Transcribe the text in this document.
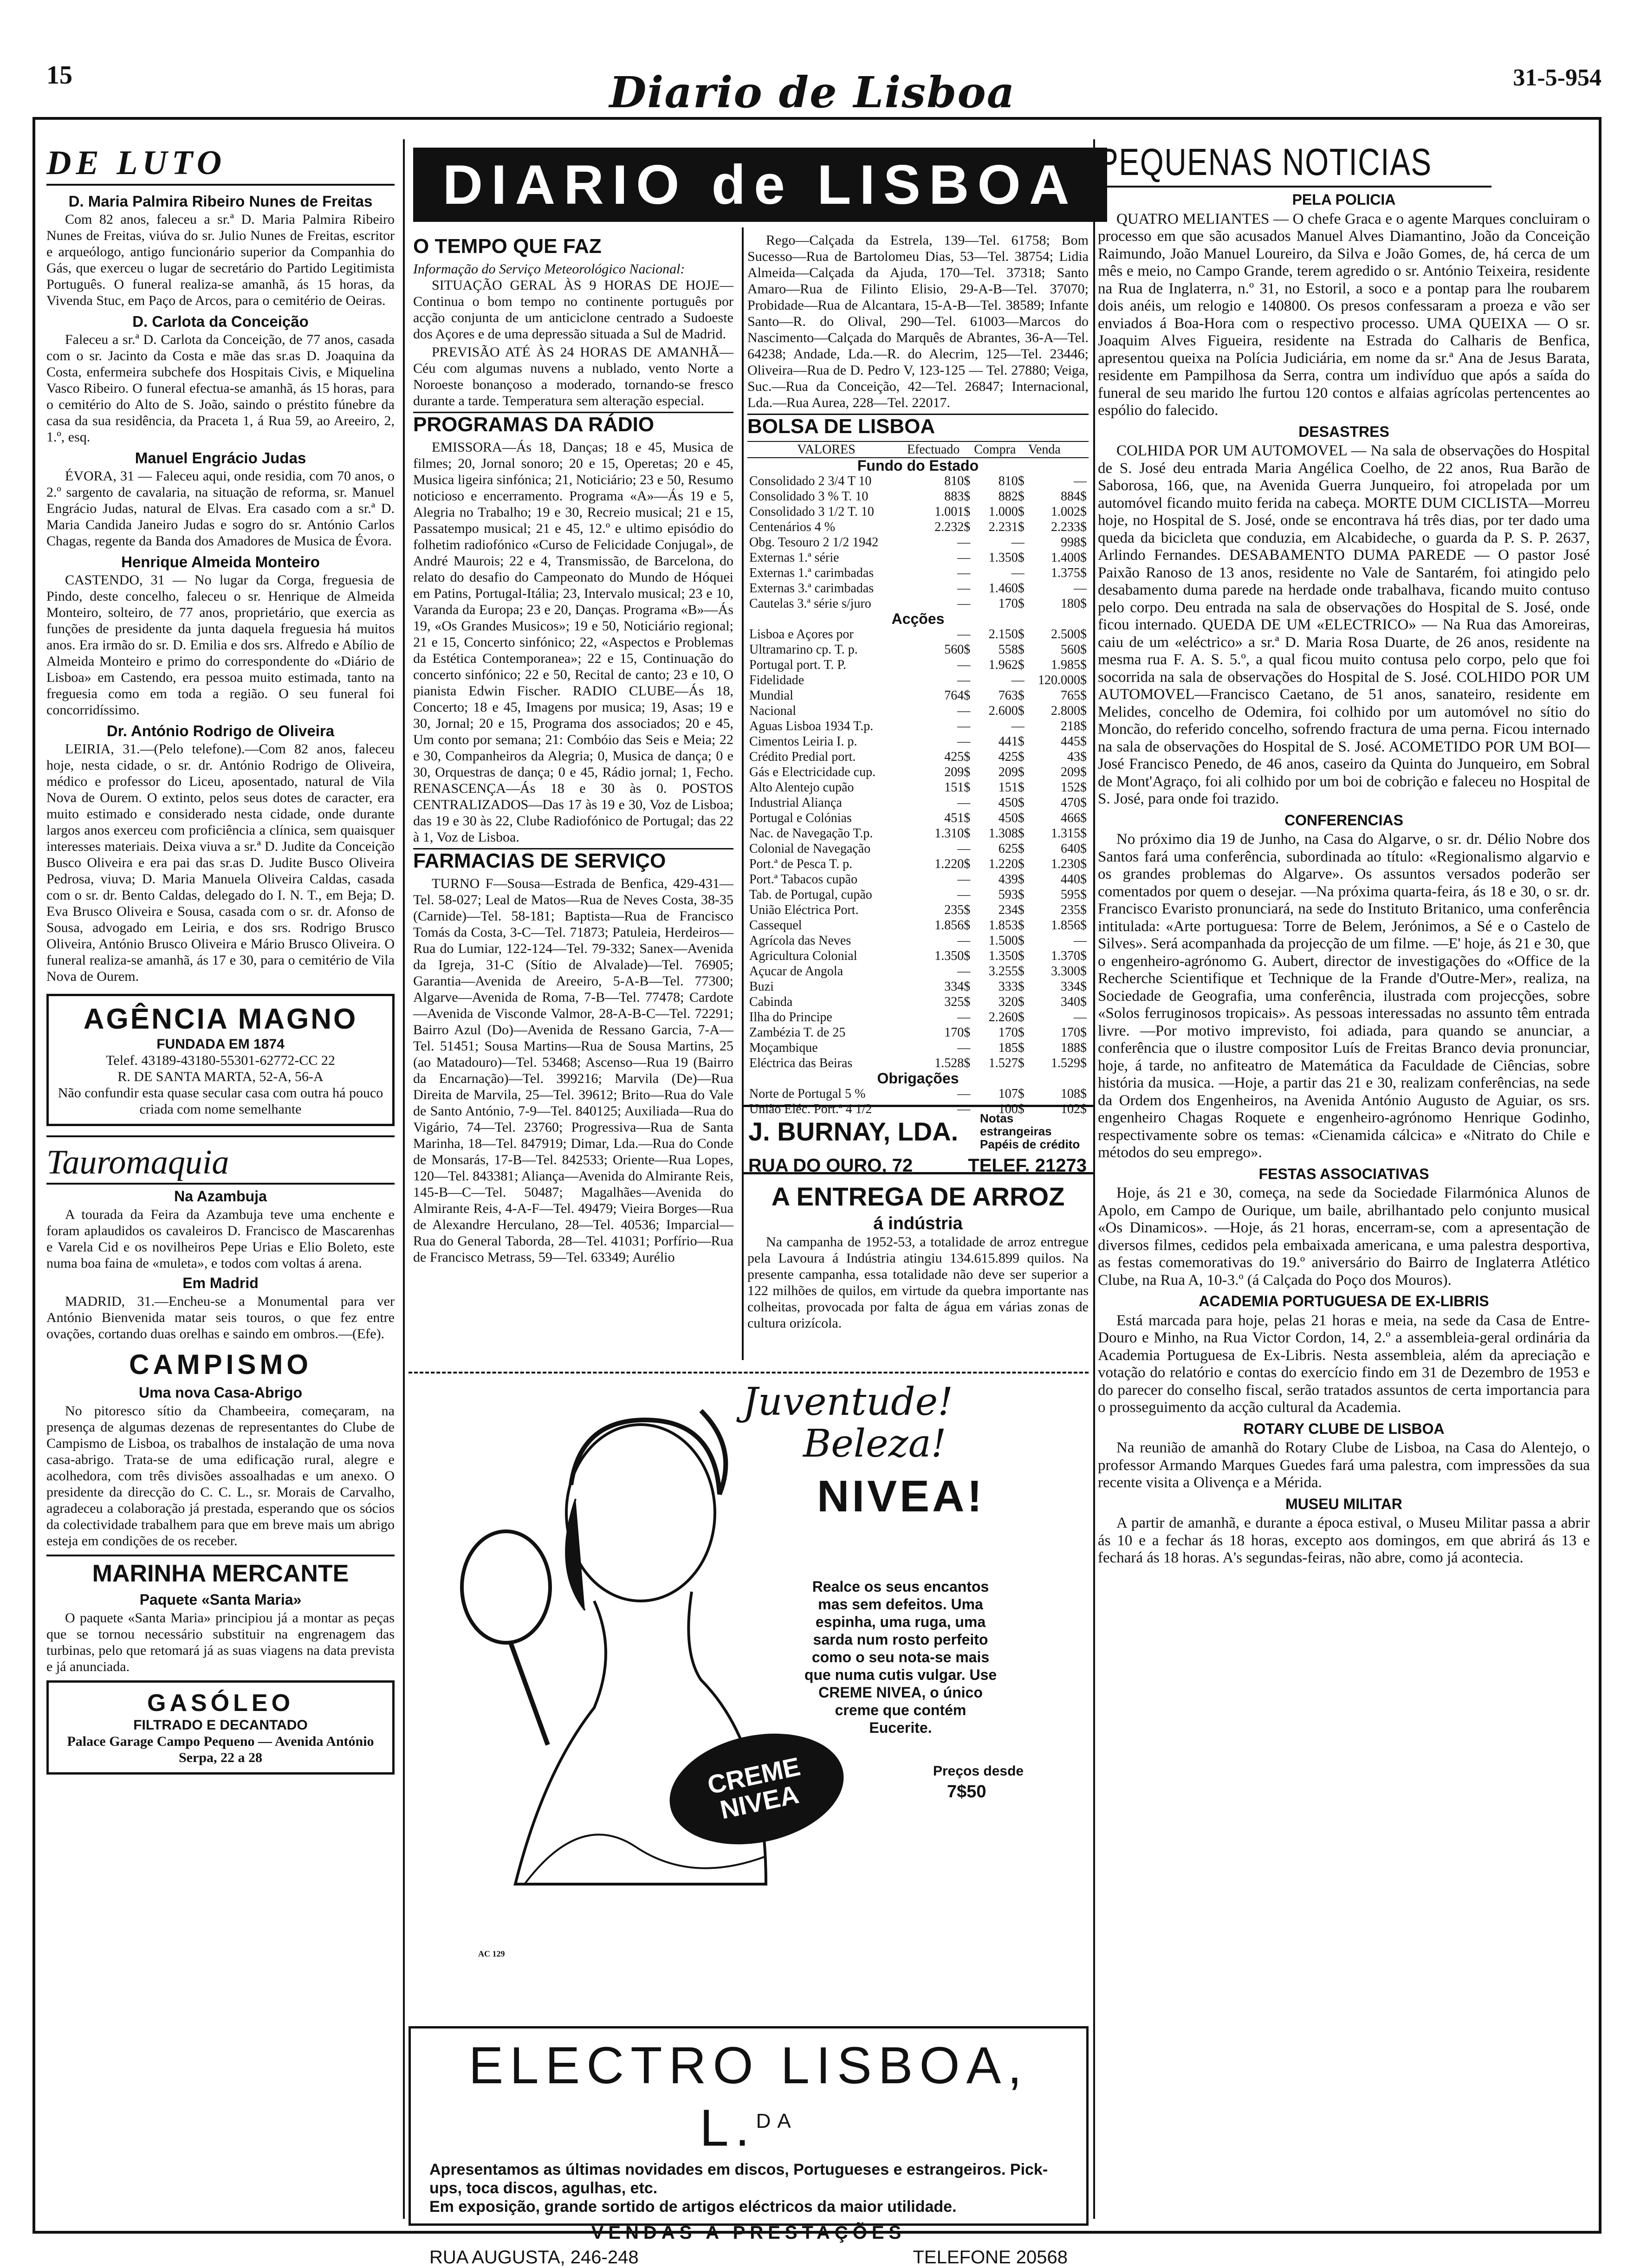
15	Diario de Lisboa	31-5-954
DE LUTO
D. Maria Palmira Ribeiro Nunes de Freitas

Com 82 anos, faleceu a sr.ª D. Maria Palmira Ribeiro Nunes de Freitas, viúva do sr. Julio Nunes de Freitas, escritor e arqueólogo, antigo funcionário superior da Companhia do Gás, que exerceu o lugar de secretário do Partido Legitimista Português. O funeral realiza-se amanhã, ás 15 horas, da Vivenda Stuc, em Paço de Arcos, para o cemitério de Oeiras.

D. Carlota da Conceição

Faleceu a sr.ª D. Carlota da Conceição, de 77 anos, casada com o sr. Jacinto da Costa e mãe das sr.as D. Joaquina da Costa, enfermeira subchefe dos Hospitais Civis, e Miquelina Vasco Ribeiro. O funeral efectua-se amanhã, ás 15 horas, para o cemitério do Alto de S. João, saindo o préstito fúnebre da casa da sua residência, da Praceta 1, á Rua 59, ao Areeiro, 2, 1.º, esq.

Manuel Engrácio Judas

ÉVORA, 31 — Faleceu aqui, onde residia, com 70 anos, o 2.º sargento de cavalaria, na situação de reforma, sr. Manuel Engrácio Judas, natural de Elvas. Era casado com a sr.ª D. Maria Candida Janeiro Judas e sogro do sr. António Carlos Chagas, regente da Banda dos Amadores de Musica de Évora.

Henrique Almeida Monteiro

CASTENDO, 31 — No lugar da Corga, freguesia de Pindo, deste concelho, faleceu o sr. Henrique de Almeida Monteiro, solteiro, de 77 anos, proprietário, que exercia as funções de presidente da junta daquela freguesia há muitos anos. Era irmão do sr. D. Emilia e dos srs. Alfredo e Abílio de Almeida Monteiro e primo do correspondente do «Diário de Lisboa» em Castendo, era pessoa muito estimada, tanto na freguesia como em toda a região. O seu funeral foi concorridíssimo.

Dr. António Rodrigo de Oliveira

LEIRIA, 31.—(Pelo telefone).—Com 82 anos, faleceu hoje, nesta cidade, o sr. dr. António Rodrigo de Oliveira, médico e professor do Liceu, aposentado, natural de Vila Nova de Ourem. O extinto, pelos seus dotes de caracter, era muito estimado e considerado nesta cidade, onde durante largos anos exerceu com proficiência a clínica, sem quaisquer interesses materiais. Deixa viuva a sr.ª D. Judite da Conceição Busco Oliveira e era pai das sr.as D. Judite Busco Oliveira Pedrosa, viuva; D. Maria Manuela Oliveira Caldas, casada com o sr. dr. Bento Caldas, delegado do I. N. T., em Beja; D. Eva Brusco Oliveira e Sousa, casada com o sr. dr. Afonso de Sousa, advogado em Leiria, e dos srs. Rodrigo Brusco Oliveira, António Brusco Oliveira e Mário Brusco Oliveira. O funeral realiza-se amanhã, ás 17 e 30, para o cemitério de Vila Nova de Ourem.

AGÊNCIA MAGNO
FUNDADA EM 1874
Telef. 43189-43180-55301-62772-CC 22
R. DE SANTA MARTA, 52-A, 56-A
Não confundir esta quase secular casa com outra há pouco criada com nome semelhante
Tauromaquia
Na Azambuja

A tourada da Feira da Azambuja teve uma enchente e foram aplaudidos os cavaleiros D. Francisco de Mascarenhas e Varela Cid e os novilheiros Pepe Urias e Elio Boleto, este numa boa faina de «muleta», e todos com voltas á arena.

Em Madrid

MADRID, 31.—Encheu-se a Monumental para ver António Bienvenida matar seis touros, o que fez entre ovações, cortando duas orelhas e saindo em ombros.—(Efe).

CAMPISMO
Uma nova Casa-Abrigo

No pitoresco sítio da Chambeeira, começaram, na presença de algumas dezenas de representantes do Clube de Campismo de Lisboa, os trabalhos de instalação de uma nova casa-abrigo. Trata-se de uma edificação rural, alegre e acolhedora, com três divisões assoalhadas e um anexo. O presidente da direcção do C. C. L., sr. Morais de Carvalho, agradeceu a colaboração já prestada, esperando que os sócios da colectividade trabalhem para que em breve mais um abrigo esteja em condições de os receber.

MARINHA MERCANTE
Paquete «Santa Maria»

O paquete «Santa Maria» principiou já a montar as peças que se tornou necessário substituir na engrenagem das turbinas, pelo que retomará já as suas viagens na data prevista e já anunciada.

GASÓLEO
FILTRADO E DECANTADO
Palace Garage Campo Pequeno — Avenida António Serpa, 22 a 28
DIARIO de LISBOA
O TEMPO QUE FAZ
Informação do Serviço Meteorológico Nacional:

SITUAÇÃO GERAL ÀS 9 HORAS DE HOJE—Continua o bom tempo no continente português por acção conjunta de um anticiclone centrado a Sudoeste dos Açores e de uma depressão situada a Sul de Madrid.

PREVISÃO ATÉ ÀS 24 HORAS DE AMANHÃ—Céu com algumas nuvens a nublado, vento Norte a Noroeste bonançoso a moderado, tornando-se fresco durante a tarde. Temperatura sem alteração especial.

PROGRAMAS DA RÁDIO

EMISSORA—Ás 18, Danças; 18 e 45, Musica de filmes; 20, Jornal sonoro; 20 e 15, Operetas; 20 e 45, Musica ligeira sinfónica; 21, Noticiário; 23 e 50, Resumo noticioso e encerramento. Programa «A»—Ás 19 e 5, Alegria no Trabalho; 19 e 30, Recreio musical; 21 e 15, Passatempo musical; 21 e 45, 12.º e ultimo episódio do folhetim radiofónico «Curso de Felicidade Conjugal», de André Maurois; 22 e 4, Transmissão, de Barcelona, do relato do desafio do Campeonato do Mundo de Hóquei em Patins, Portugal-Itália; 23, Intervalo musical; 23 e 10, Varanda da Europa; 23 e 20, Danças. Programa «B»—Ás 19, «Os Grandes Musicos»; 19 e 50, Noticiário regional; 21 e 15, Concerto sinfónico; 22, «Aspectos e Problemas da Estética Contemporanea»; 22 e 15, Continuação do concerto sinfónico; 22 e 50, Recital de canto; 23 e 10, O pianista Edwin Fischer. RADIO CLUBE—Ás 18, Concerto; 18 e 45, Imagens por musica; 19, Asas; 19 e 30, Jornal; 20 e 15, Programa dos associados; 20 e 45, Um conto por semana; 21: Combóio das Seis e Meia; 22 e 30, Companheiros da Alegria; 0, Musica de dança; 0 e 30, Orquestras de dança; 0 e 45, Rádio jornal; 1, Fecho. RENASCENÇA—Ás 18 e 30 às 0. POSTOS CENTRALIZADOS—Das 17 às 19 e 30, Voz de Lisboa; das 19 e 30 às 22, Clube Radiofónico de Portugal; das 22 à 1, Voz de Lisboa.

FARMACIAS DE SERVIÇO

TURNO F—Sousa—Estrada de Benfica, 429-431—Tel. 58-027; Leal de Matos—Rua de Neves Costa, 38-35 (Carnide)—Tel. 58-181; Baptista—Rua de Francisco Tomás da Costa, 3-C—Tel. 71873; Patuleia, Herdeiros—Rua do Lumiar, 122-124—Tel. 79-332; Sanex—Avenida da Igreja, 31-C (Sítio de Alvalade)—Tel. 76905; Garantia—Avenida de Areeiro, 5-A-B—Tel. 77300; Algarve—Avenida de Roma, 7-B—Tel. 77478; Cardote—Avenida de Visconde Valmor, 28-A-B-C—Tel. 72291; Bairro Azul (Do)—Avenida de Ressano Garcia, 7-A—Tel. 51451; Sousa Martins—Rua de Sousa Martins, 25 (ao Matadouro)—Tel. 53468; Ascenso—Rua 19 (Bairro da Encarnação)—Tel. 399216; Marvila (De)—Rua Direita de Marvila, 25—Tel. 39612; Brito—Rua do Vale de Santo António, 7-9—Tel. 840125; Auxiliada—Rua do Vigário, 74—Tel. 23760; Progressiva—Rua de Santa Marinha, 18—Tel. 847919; Dimar, Lda.—Rua do Conde de Monsarás, 17-B—Tel. 842533; Oriente—Rua Lopes, 120—Tel. 843381; Aliança—Avenida do Almirante Reis, 145-B—C—Tel. 50487; Magalhães—Avenida do Almirante Reis, 4-A-F—Tel. 49479; Vieira Borges—Rua de Alexandre Herculano, 28—Tel. 40536; Imparcial—Rua do General Taborda, 28—Tel. 41031; Porfírio—Rua de Francisco Metrass, 59—Tel. 63349; Aurélio

Rego—Calçada da Estrela, 139—Tel. 61758; Bom Sucesso—Rua de Bartolomeu Dias, 53—Tel. 38754; Lidia Almeida—Calçada da Ajuda, 170—Tel. 37318; Santo Amaro—Rua de Filinto Elisio, 29-A-B—Tel. 37070; Probidade—Rua de Alcantara, 15-A-B—Tel. 38589; Infante Santo—R. do Olival, 290—Tel. 61003—Marcos do Nascimento—Calçada do Marquês de Abrantes, 36-A—Tel. 64238; Andade, Lda.—R. do Alecrim, 125—Tel. 23446; Oliveira—Rua de D. Pedro V, 123-125 — Tel. 27880; Veiga, Suc.—Rua da Conceição, 42—Tel. 26847; Internacional, Lda.—Rua Aurea, 228—Tel. 22017.

BOLSA DE LISBOA
VALORES	Efectuado	Compra	Venda
Fundo do Estado			
Consolidado 2 3/4 T 10	810$	810$	—
Consolidado 3 % T. 10	883$	882$	884$
Consolidado 3 1/2 T. 10	1.001$	1.000$	1.002$
Centenários 4 %	2.232$	2.231$	2.233$
Obg. Tesouro 2 1/2 1942	—	—	998$
Externas 1.ª série	—	1.350$	1.400$
Externas 1.ª carimbadas	—	—	1.375$
Externas 3.ª carimbadas	—	1.460$	—
Cautelas 3.ª série s/juro	—	170$	180$
Acções			
Lisboa e Açores por	—	2.150$	2.500$
Ultramarino cp. T. p.	560$	558$	560$
Portugal port. T. P.	—	1.962$	1.985$
Fidelidade	—	—	120.000$
Mundial	764$	763$	765$
Nacional	—	2.600$	2.800$
Aguas Lisboa 1934 T.p.	—	—	218$
Cimentos Leiria I. p.	—	441$	445$
Crédito Predial port.	425$	425$	43$
Gás e Electricidade cup.	209$	209$	209$
Alto Alentejo cupão	151$	151$	152$
Industrial Aliança	—	450$	470$
Portugal e Colónias	451$	450$	466$
Nac. de Navegação T.p.	1.310$	1.308$	1.315$
Colonial de Navegação	—	625$	640$
Port.ª de Pesca T. p.	1.220$	1.220$	1.230$
Port.ª Tabacos cupão	—	439$	440$
Tab. de Portugal, cupão	—	593$	595$
União Eléctrica Port.	235$	234$	235$
Cassequel	1.856$	1.853$	1.856$
Agrícola das Neves	—	1.500$	—
Agricultura Colonial	1.350$	1.350$	1.370$
Açucar de Angola	—	3.255$	3.300$
Buzi	334$	333$	334$
Cabinda	325$	320$	340$
Ilha do Principe	—	2.260$	—
Zambézia T. de 25	170$	170$	170$
Moçambique	—	185$	188$
Eléctrica das Beiras	1.528$	1.527$	1.529$
Obrigações			
Norte de Portugal 5 %	—	107$	108$
União Eléc. Port.ª 4 1/2	—	100$	102$
J. BURNAY, LDA. Notas estrangeiras Papéis de crédito
RUA DO OURO, 72	TELEF. 21273
A ENTREGA DE ARROZ
á indústria

Na campanha de 1952-53, a totalidade de arroz entregue pela Lavoura á Indústria atingiu 134.615.899 quilos. Na presente campanha, essa totalidade não deve ser superior a 122 milhões de quilos, em virtude da quebra importante nas colheitas, provocada por falta de água em várias zonas de cultura orizícola.

Juventude!
Beleza!
NIVEA!
Realce os seus encantos mas sem defeitos. Uma espinha, uma ruga, uma sarda num rosto perfeito como o seu nota-se mais que numa cutis vulgar. Use CREME NIVEA, o único creme que contém Eucerite.
Preços desde
7$50
CREME NIVEA
AC 129
ELECTRO LISBOA, L.$^{DA}$
Apresentamos as últimas novidades em discos, Portugueses e estrangeiros. Pick-ups, toca discos, agulhas, etc.
Em exposição, grande sortido de artigos eléctricos da maior utilidade.
VENDAS A PRESTAÇÕES
RUA AUGUSTA, 246-248	TELEFONE 20568
PEQUENAS NOTICIAS
PELA POLICIA

QUATRO MELIANTES — O chefe Graca e o agente Marques concluiram o processo em que são acusados Manuel Alves Diamantino, João da Conceição Raimundo, João Manuel Loureiro, da Silva e João Gomes, de, há cerca de um mês e meio, no Campo Grande, terem agredido o sr. António Teixeira, residente na Rua de Inglaterra, n.º 31, no Estoril, a soco e a pontap para lhe roubarem dois anéis, um relogio e 140800. Os presos confessaram a proeza e vão ser enviados á Boa-Hora com o respectivo processo. UMA QUEIXA — O sr. Joaquim Alves Figueira, residente na Estrada do Calharis de Benfica, apresentou queixa na Polícia Judiciária, em nome da sr.ª Ana de Jesus Barata, residente em Pampilhosa da Serra, contra um indivíduo que após a saída do funeral de seu marido lhe furtou 120 contos e alfaias agrícolas pertencentes ao espólio do falecido.

DESASTRES

COLHIDA POR UM AUTOMOVEL — Na sala de observações do Hospital de S. José deu entrada Maria Angélica Coelho, de 22 anos, Rua Barão de Saborosa, 166, que, na Avenida Guerra Junqueiro, foi atropelada por um automóvel ficando muito ferida na cabeça. MORTE DUM CICLISTA—Morreu hoje, no Hospital de S. José, onde se encontrava há três dias, por ter dado uma queda da bicicleta que conduzia, em Alcabideche, o guarda da P. S. P. 2637, Arlindo Fernandes. DESABAMENTO DUMA PAREDE — O pastor José Paixão Ranoso de 13 anos, residente no Vale de Santarém, foi atingido pelo desabamento duma parede na herdade onde trabalhava, ficando muito contuso pelo corpo. Deu entrada na sala de observações do Hospital de S. José, onde ficou internado. QUEDA DE UM «ELECTRICO» — Na Rua das Amoreiras, caiu de um «eléctrico» a sr.ª D. Maria Rosa Duarte, de 26 anos, residente na mesma rua F. A. S. 5.º, a qual ficou muito contusa pelo corpo, pelo que foi socorrida na sala de observações do Hospital de S. José. COLHIDO POR UM AUTOMOVEL—Francisco Caetano, de 51 anos, sanateiro, residente em Melides, concelho de Odemira, foi colhido por um automóvel no sítio do Moncão, do referido concelho, sofrendo fractura de uma perna. Ficou internado na sala de observações do Hospital de S. José. ACOMETIDO POR UM BOI—José Francisco Penedo, de 46 anos, caseiro da Quinta do Junqueiro, em Sobral de Mont'Agraço, foi ali colhido por um boi de cobrição e faleceu no Hospital de S. José, para onde foi trazido.

CONFERENCIAS

No próximo dia 19 de Junho, na Casa do Algarve, o sr. dr. Délio Nobre dos Santos fará uma conferência, subordinada ao título: «Regionalismo algarvio e os grandes problemas do Algarve». Os assuntos versados poderão ser comentados por quem o desejar. —Na próxima quarta-feira, ás 18 e 30, o sr. dr. Francisco Evaristo pronunciará, na sede do Instituto Britanico, uma conferência intitulada: «Arte portuguesa: Torre de Belem, Jerónimos, a Sé e o Castelo de Silves». Será acompanhada da projecção de um filme. —E' hoje, ás 21 e 30, que o engenheiro-agrónomo G. Aubert, director de investigações do «Office de la Recherche Scientifique et Technique de la Frande d'Outre-Mer», realiza, na Sociedade de Geografia, uma conferência, ilustrada com projecções, sobre «Solos ferruginosos tropicais». As pessoas interessadas no assunto têm entrada livre. —Por motivo imprevisto, foi adiada, para quando se anunciar, a conferência que o ilustre compositor Luís de Freitas Branco devia pronunciar, hoje, á tarde, no anfiteatro de Matemática da Faculdade de Ciências, sobre história da musica. —Hoje, a partir das 21 e 30, realizam conferências, na sede da Ordem dos Engenheiros, na Avenida António Augusto de Aguiar, os srs. engenheiro Chagas Roquete e engenheiro-agrónomo Henrique Godinho, respectivamente sobre os temas: «Cienamida cálcica» e «Nitrato do Chile e métodos do seu emprego».

FESTAS ASSOCIATIVAS

Hoje, ás 21 e 30, começa, na sede da Sociedade Filarmónica Alunos de Apolo, em Campo de Ourique, um baile, abrilhantado pelo conjunto musical «Os Dinamicos». —Hoje, ás 21 horas, encerram-se, com a apresentação de diversos filmes, cedidos pela embaixada americana, e uma palestra desportiva, as festas comemorativas do 19.º aniversário do Bairro de Inglaterra Atlético Clube, na Rua A, 10-3.º (á Calçada do Poço dos Mouros).

ACADEMIA PORTUGUESA DE EX-LIBRIS

Está marcada para hoje, pelas 21 horas e meia, na sede da Casa de Entre-Douro e Minho, na Rua Victor Cordon, 14, 2.º a assembleia-geral ordinária da Academia Portuguesa de Ex-Libris. Nesta assembleia, além da apreciação e votação do relatório e contas do exercício findo em 31 de Dezembro de 1953 e do parecer do conselho fiscal, serão tratados assuntos de certa importancia para o prosseguimento da acção cultural da Academia.

ROTARY CLUBE DE LISBOA

Na reunião de amanhã do Rotary Clube de Lisboa, na Casa do Alentejo, o professor Armando Marques Guedes fará uma palestra, com impressões da sua recente visita a Olivença e a Mérida.

MUSEU MILITAR

A partir de amanhã, e durante a época estival, o Museu Militar passa a abrir ás 10 e a fechar ás 18 horas, excepto aos domingos, em que abrirá ás 13 e fechará ás 18 horas. A's segundas-feiras, não abre, como já acontecia.
